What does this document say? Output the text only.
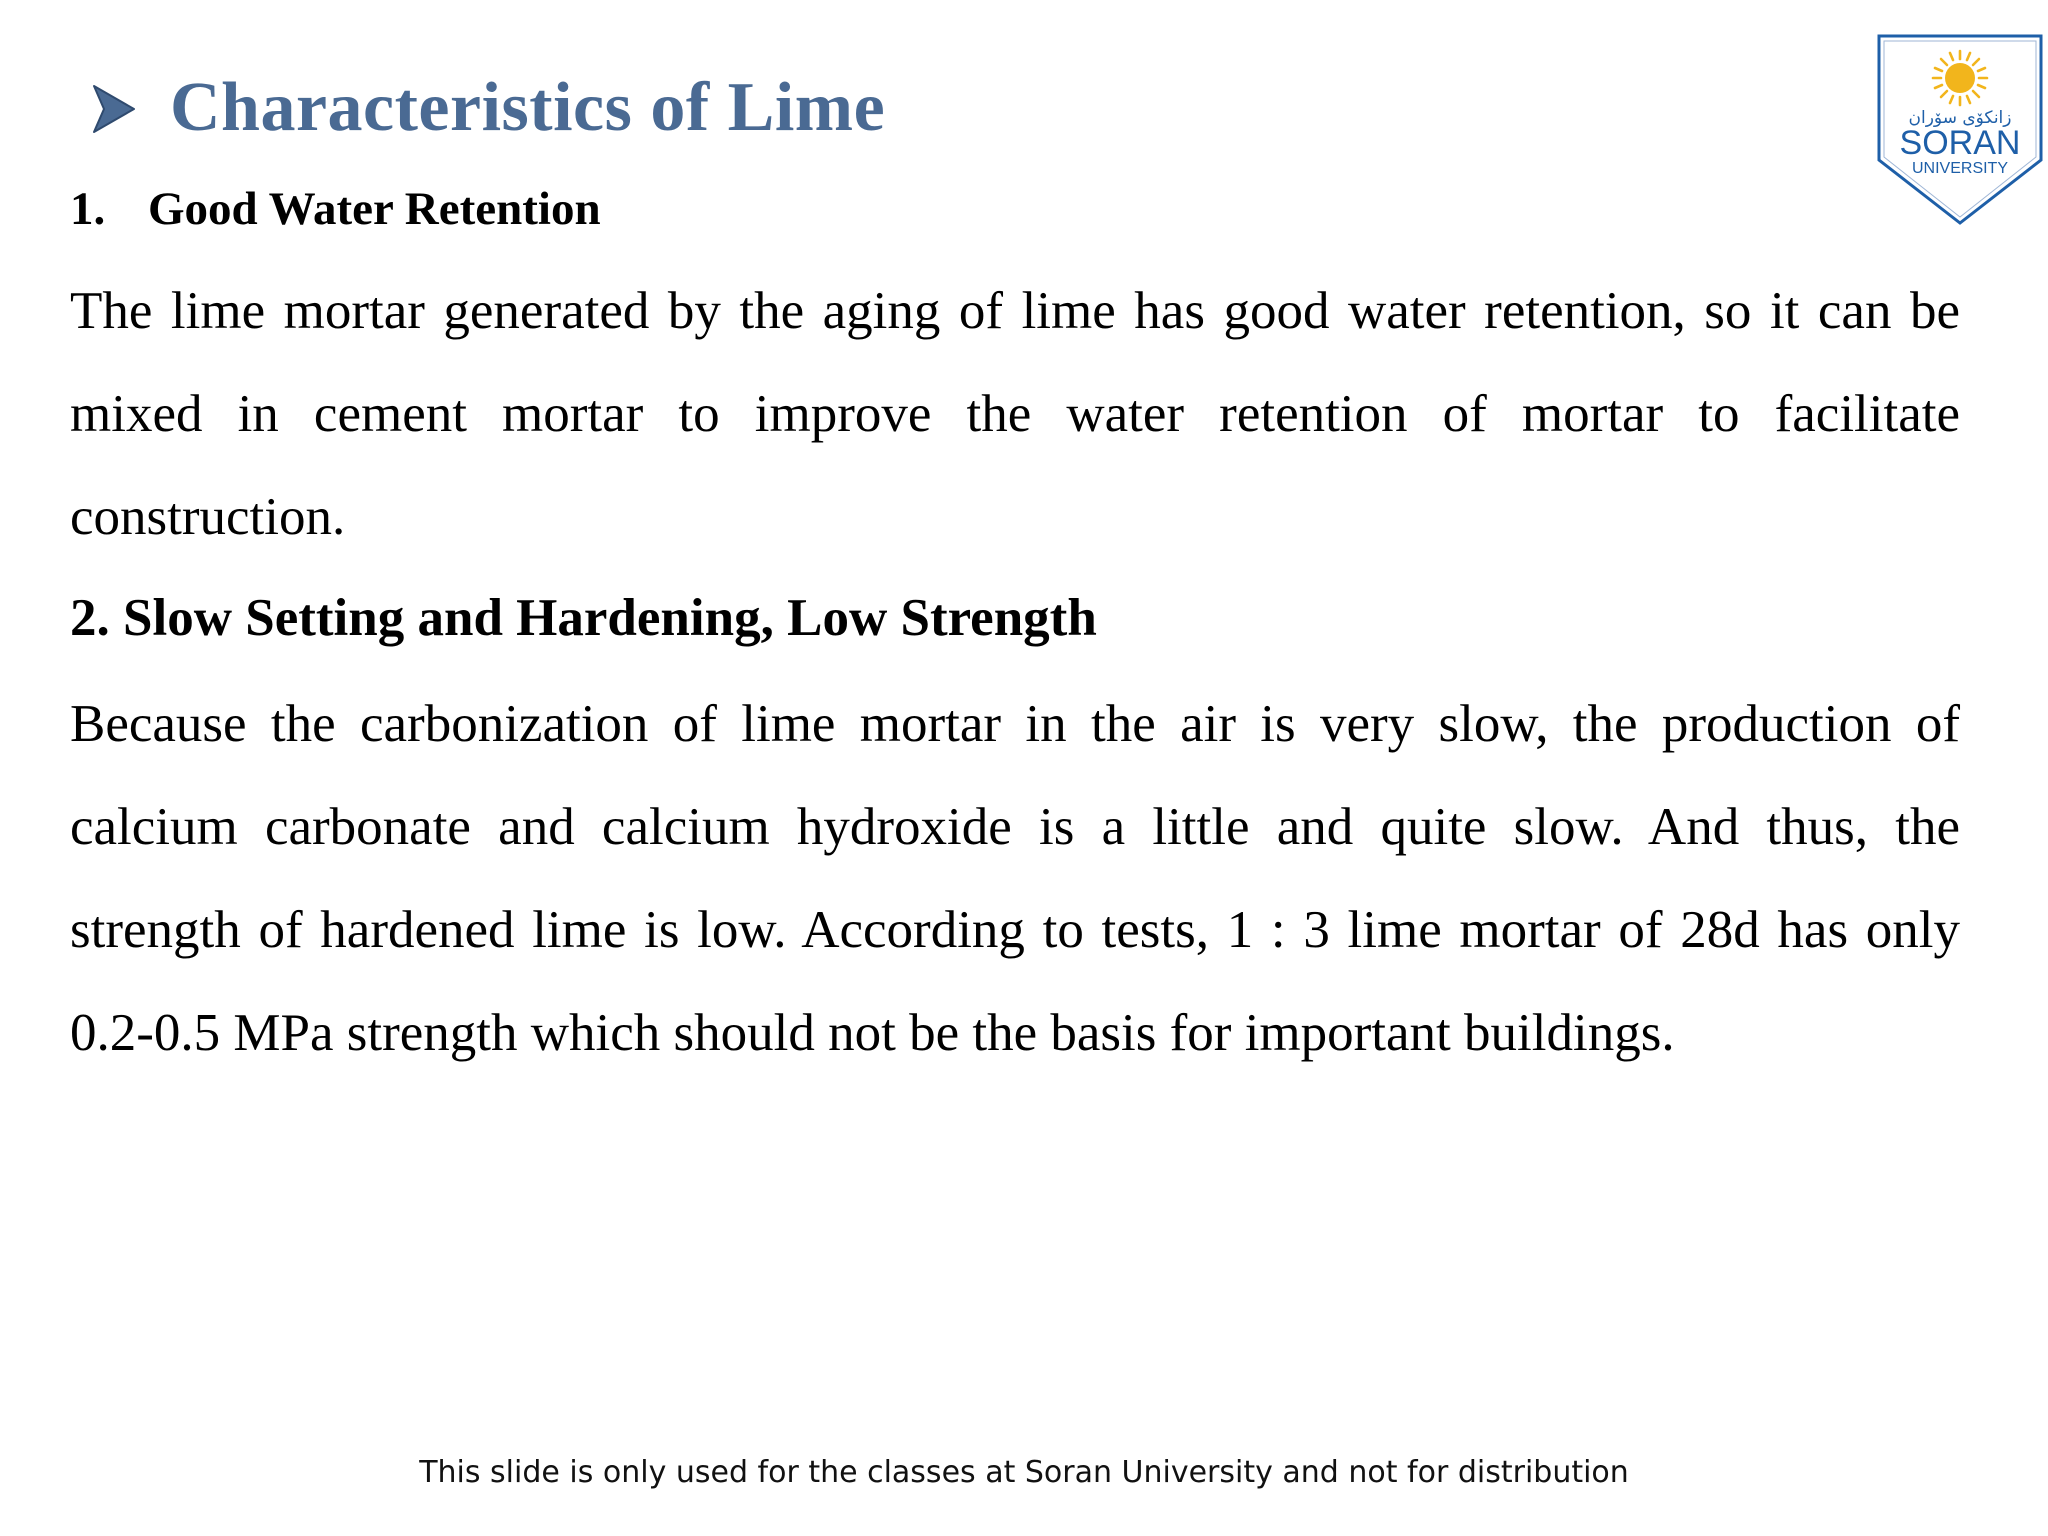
Characteristics of Lime	زانكۆی سۆران
SORAN
UNIVERSITY
1. Good Water Retention
The lime mortar generated by the aging of lime has good water retention, so it can be mixed in cement mortar to improve the water retention of mortar to facilitate construction.
2. Slow Setting and Hardening, Low Strength
Because the carbonization of lime mortar in the air is very slow, the production of calcium carbonate and calcium hydroxide is a little and quite slow. And thus, the strength of hardened lime is low. According to tests, 1 : 3 lime mortar of 28d has only 0.2-0.5 MPa strength which should not be the basis for important buildings.
This slide is only used for the classes at Soran University and not for distribution
